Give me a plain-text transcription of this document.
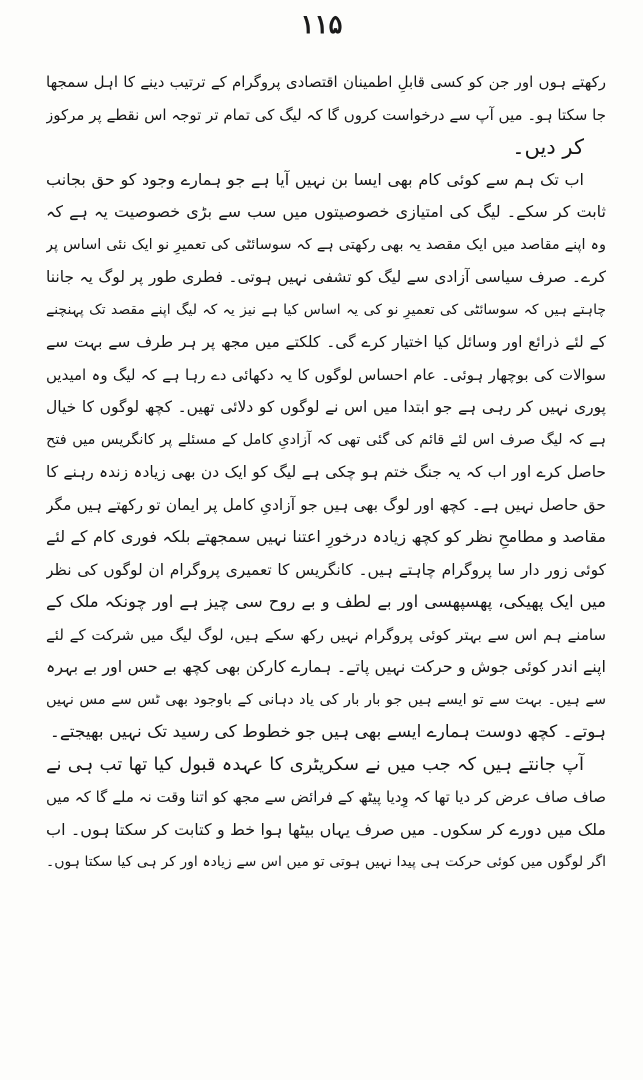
۱۱۵
رکھتے ہوں اور جن کو کسی قابلِ اطمینان اقتصادی پروگرام کے ترتیب دینے کا اہل سمجھا
جا سکتا ہو۔ میں آپ سے درخواست کروں گا کہ لیگ کی تمام تر توجہ اس نقطے پر مرکوز
کر دیں۔
اب تک ہم سے کوئی کام بھی ایسا بن نہیں آیا ہے جو ہمارے وجود کو حق بجانب
ثابت کر سکے۔ لیگ کی امتیازی خصوصیتوں میں سب سے بڑی خصوصیت یہ ہے کہ
وہ اپنے مقاصد میں ایک مقصد یہ بھی رکھتی ہے کہ سوسائٹی کی تعمیرِ نو ایک نئی اساس پر
کرے۔ صرف سیاسی آزادی سے لیگ کو تشفی نہیں ہوتی۔ فطری طور پر لوگ یہ جاننا
چاہتے ہیں کہ سوسائٹی کی تعمیرِ نو کی یہ اساس کیا ہے نیز یہ کہ لیگ اپنے مقصد تک پہنچنے
کے لئے ذرائع اور وسائل کیا اختیار کرے گی۔ کلکتے میں مجھ پر ہر طرف سے بہت سے
سوالات کی بوچھار ہوئی۔ عام احساس لوگوں کا یہ دکھائی دے رہا ہے کہ لیگ وہ امیدیں
پوری نہیں کر رہی ہے جو ابتدا میں اس نے لوگوں کو دلائی تھیں۔ کچھ لوگوں کا خیال
ہے کہ لیگ صرف اس لئے قائم کی گئی تھی کہ آزادیِ کامل کے مسئلے پر کانگریس میں فتح
حاصل کرے اور اب کہ یہ جنگ ختم ہو چکی ہے لیگ کو ایک دن بھی زیادہ زندہ رہنے کا
حق حاصل نہیں ہے۔ کچھ اور لوگ بھی ہیں جو آزادیِ کامل پر ایمان تو رکھتے ہیں مگر
مقاصد و مطامحِ نظر کو کچھ زیادہ درخورِ اعتنا نہیں سمجھتے بلکہ فوری کام کے لئے
کوئی زور دار سا پروگرام چاہتے ہیں۔ کانگریس کا تعمیری پروگرام ان لوگوں کی نظر
میں ایک پھیکی، پھسپھسی اور بے لطف و بے روح سی چیز ہے اور چونکہ ملک کے
سامنے ہم اس سے بہتر کوئی پروگرام نہیں رکھ سکے ہیں، لوگ لیگ میں شرکت کے لئے
اپنے اندر کوئی جوش و حرکت نہیں پاتے۔ ہمارے کارکن بھی کچھ بے حس اور بے بہرہ
سے ہیں۔ بہت سے تو ایسے ہیں جو بار بار کی یاد دہانی کے باوجود بھی ٹس سے مس نہیں
ہوتے۔ کچھ دوست ہمارے ایسے بھی ہیں جو خطوط کی رسید تک نہیں بھیجتے۔
آپ جانتے ہیں کہ جب میں نے سکریٹری کا عہدہ قبول کیا تھا تب ہی نے
صاف صاف عرض کر دیا تھا کہ وِدیا پیٹھ کے فرائض سے مجھ کو اتنا وقت نہ ملے گا کہ میں
ملک میں دورے کر سکوں۔ میں صرف یہاں بیٹھا ہوا خط و کتابت کر سکتا ہوں۔ اب
اگر لوگوں میں کوئی حرکت ہی پیدا نہیں ہوتی تو میں اس سے زیادہ اور کر ہی کیا سکتا ہوں۔
